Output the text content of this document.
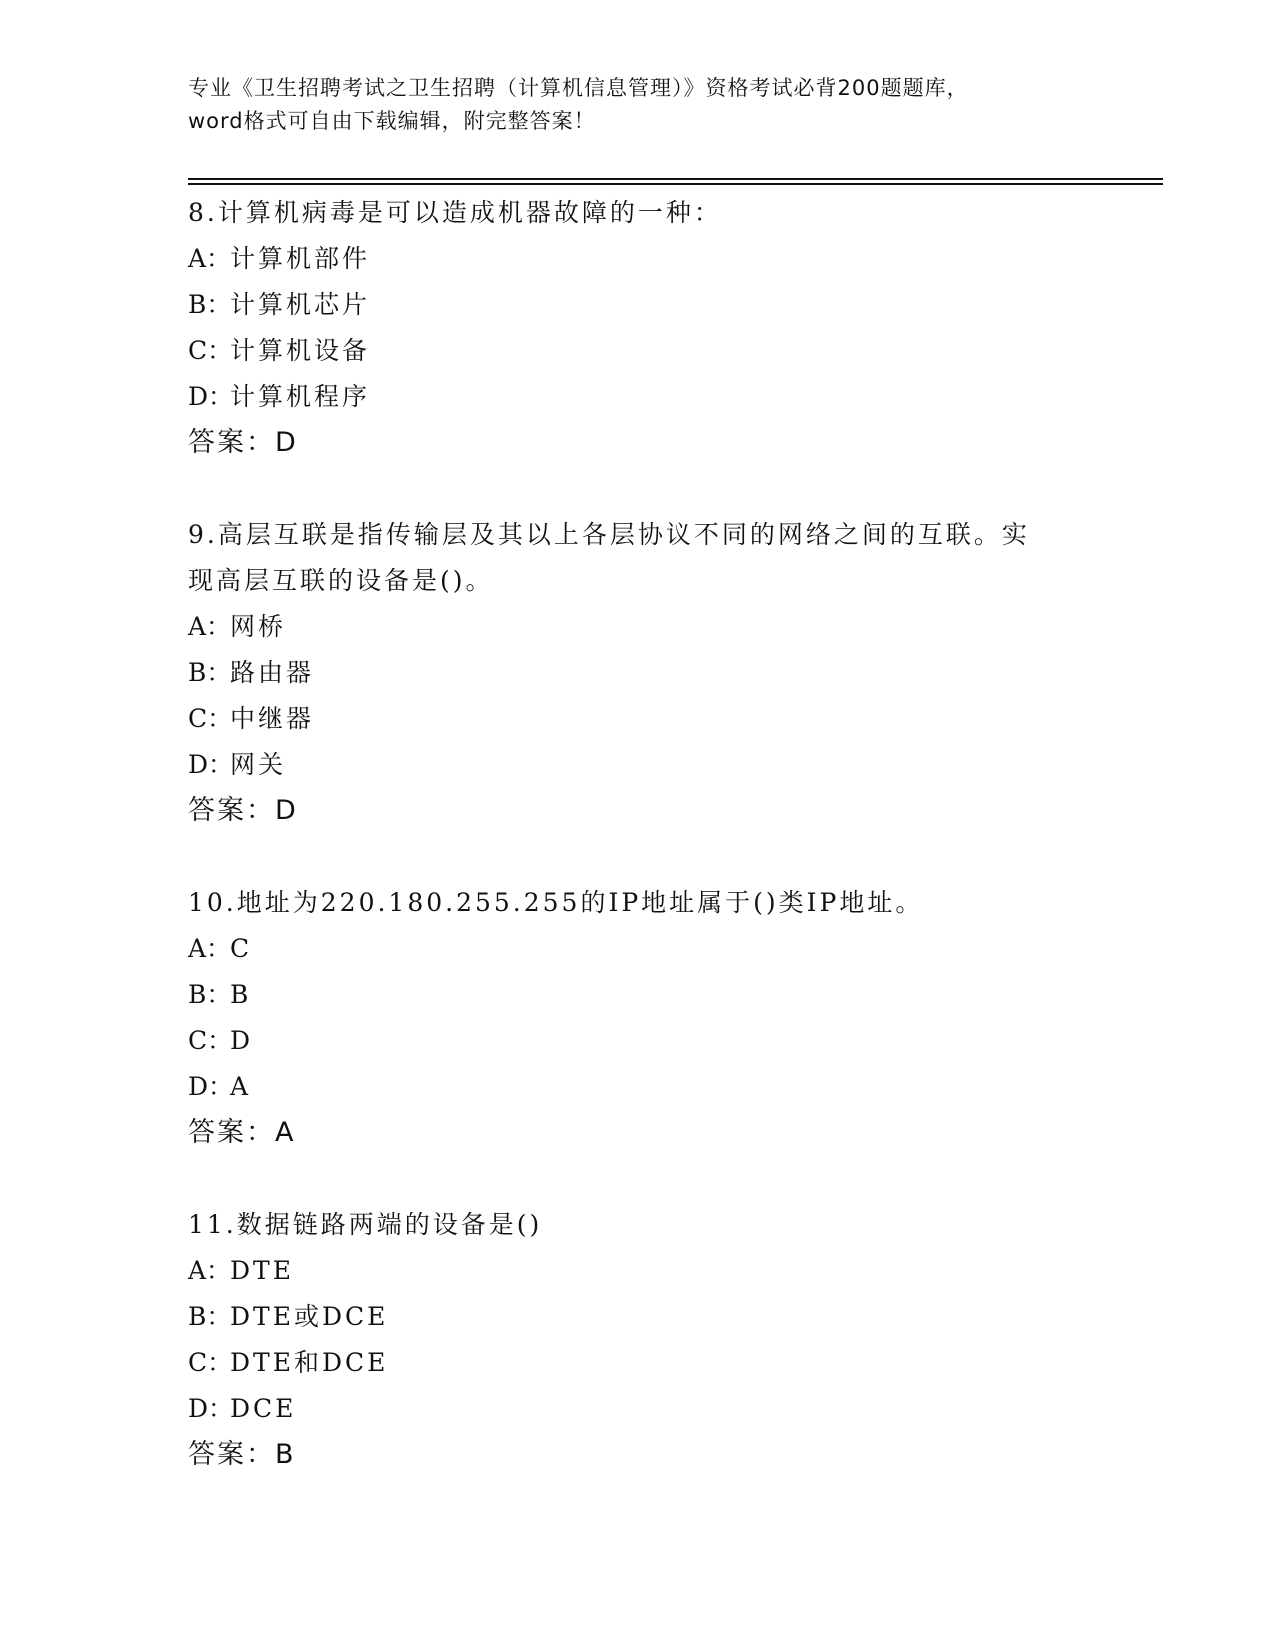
专业《卫生招聘考试之卫生招聘（计算机信息管理）》资格考试必背200题题库，
word格式可自由下载编辑，附完整答案！
8.计算机病毒是可以造成机器故障的一种：
A：计算机部件
B：计算机芯片
C：计算机设备
D：计算机程序
答案：D
9.高层互联是指传输层及其以上各层协议不同的网络之间的互联。实
现高层互联的设备是()。
A：网桥
B：路由器
C：中继器
D：网关
答案：D
10.地址为220.180.255.255的IP地址属于()类IP地址。
A：C
B：B
C：D
D：A
答案：A
11.数据链路两端的设备是()
A：DTE
B：DTE或DCE
C：DTE和DCE
D：DCE
答案：B
